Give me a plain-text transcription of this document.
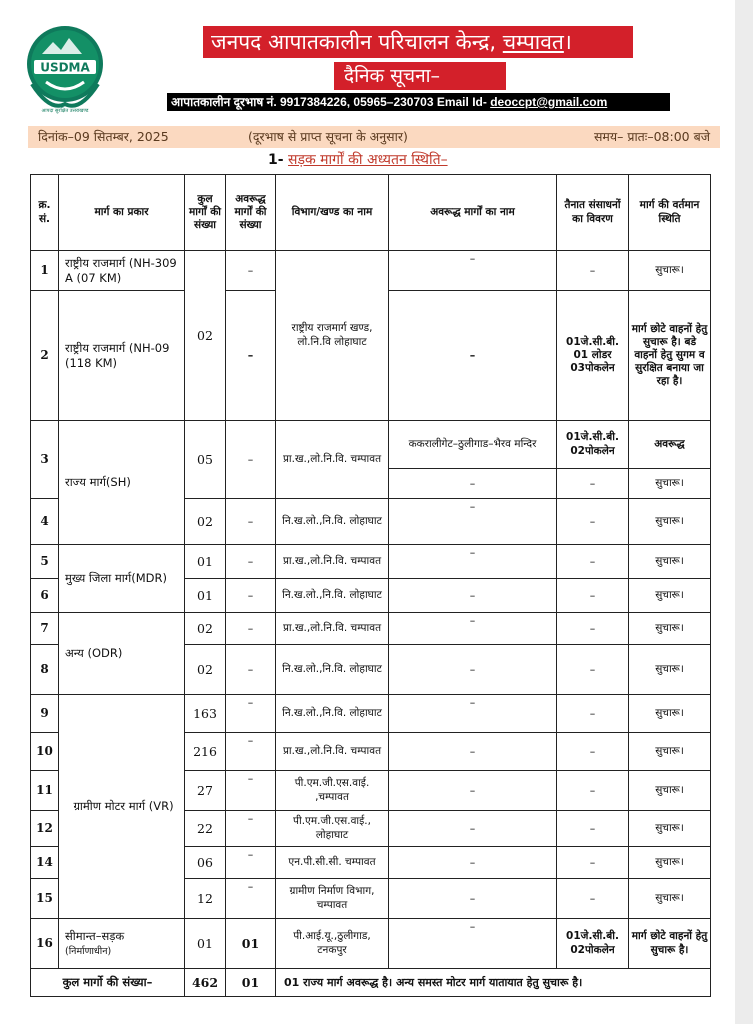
USDMA
आपदा सुरक्षित उत्तराखण्ड
जनपद आपातकालीन परिचालन केन्द्र, चम्पावत।
दैनिक सूचना–
आपातकालीन दूरभाष नं. 9917384226, 05965–230703 Email Id- deoccpt@gmail.com
दिनांक–09 सितम्बर, 2025	(दूरभाष से प्राप्त सूचना के अनुसार)	समय– प्रातः–08:00 बजे
1- सड़क मार्गों की अध्यतन स्थिति–
क्र. सं.	मार्ग का प्रकार	कुल मार्गों की संख्या	अवरूद्ध मार्गों की संख्या	विभाग/खण्ड का नाम	अवरूद्ध मार्गों का नाम	तैनात संसाधनों का विवरण	मार्ग की वर्तमान स्थिति
1	राष्ट्रीय राजमार्ग (NH-309 A (07 KM)	02	–	राष्ट्रीय राजमार्ग खण्ड, लो.नि.वि लोहाघाट	–	–	सुचारू।
2	राष्ट्रीय राजमार्ग (NH-09 (118 KM)		–		–	01जे.सी.बी. 01 लोडर 03पोकलेन	मार्ग छोटे वाहनों हेतु सुचारू है। बडे वाहनों हेतु सुगम व सुरक्षित बनाया जा रहा है।
3	राज्य मार्ग(SH)	05	–	प्रा.ख.,लो.नि.वि. चम्पावत	ककरालीगेट–ठुलीगाड–भैरव मन्दिर	01जे.सी.बी. 02पोकलेन	अवरूद्ध
					–	–	सुचारू।
4		02	–	नि.ख.लो.,नि.वि. लोहाघाट	–	–	सुचारू।
5	मुख्य जिला मार्ग(MDR)	01	–	प्रा.ख.,लो.नि.वि. चम्पावत	–	–	सुचारू।
6		01	–	नि.ख.लो.,नि.वि. लोहाघाट	–	–	सुचारू।
7	अन्य (ODR)	02	–	प्रा.ख.,लो.नि.वि. चम्पावत	–	–	सुचारू।
8		02	–	नि.ख.लो.,नि.वि. लोहाघाट	–	–	सुचारू।
9	ग्रामीण मोटर मार्ग (VR)	163	–	नि.ख.लो.,नि.वि. लोहाघाट	–	–	सुचारू।
10		216	–	प्रा.ख.,लो.नि.वि. चम्पावत	–	–	सुचारू।
11		27	–	पी.एम.जी.एस.वाई. ,चम्पावत	–	–	सुचारू।
12		22	–	पी.एम.जी.एस.वाई., लोहाघाट	–	–	सुचारू।
14		06	–	एन.पी.सी.सी. चम्पावत	–	–	सुचारू।
15		12	–	ग्रामीण निर्माण विभाग, चम्पावत	–	–	सुचारू।
16	सीमान्त–सड़क
(निर्माणाधीन)	01	01	पी.आई.यू.,ठुलीगाड, टनकपुर	–	01जे.सी.बी. 02पोकलेन	मार्ग छोटे वाहनों हेतु सुचारू है।
कुल मार्गो की संख्या–		462	01	01 राज्य मार्ग अवरूद्ध है। अन्य समस्त मोटर मार्ग यातायात हेतु सुचारू है।			
